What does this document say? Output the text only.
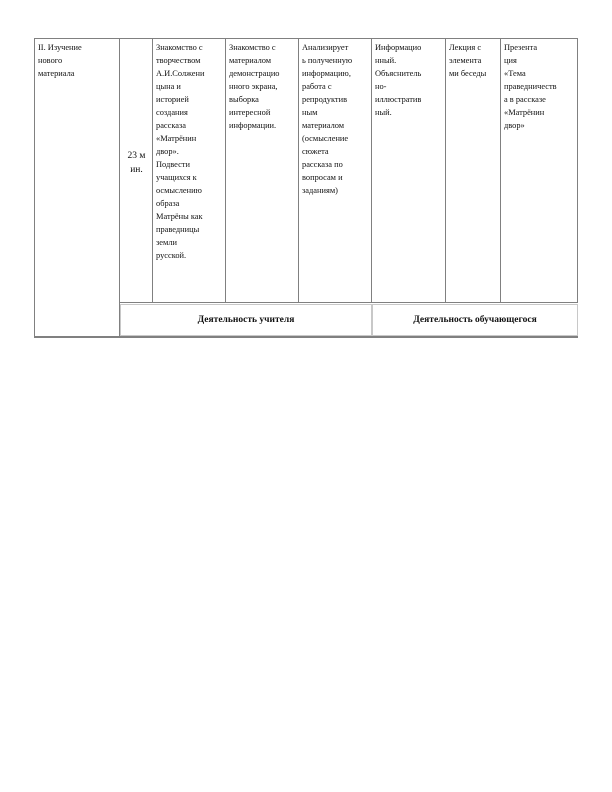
II. Изучение
нового
материала
23 м
ин.
Знакомство с
творчеством
А.И.Солжени
цына и
историей
создания
рассказа
«Матрёнин
двор».
Подвести
учащихся к
осмыслению
образа
Матрёны как
праведницы
земли
русской.
Знакомство с
материалом
демонстрацио
нного экрана,
выборка
интересной
информации.
Анализирует
ь полученную
информацию,
работа с
репродуктив
ным
материалом
(осмысление
сюжета
рассказа по
вопросам и
заданиям)
Информацио
нный.
Объяснитель
но-
иллюстратив
ный.
Лекция с
элемента
ми беседы
Презента
ция
«Тема
праведничеств
а в рассказе
«Матрёнин
двор»
Деятельность учителя	Деятельность обучающегося
